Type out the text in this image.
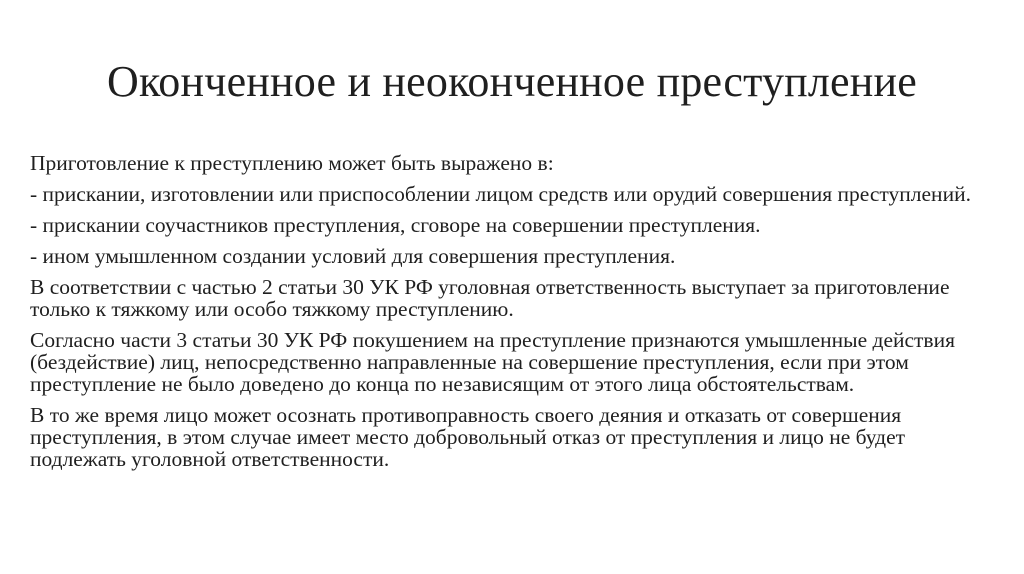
Оконченное и неоконченное преступление

Приготовление к преступлению может быть выражено в:

- прискании, изготовлении или приспособлении лицом средств или орудий совершения преступлений.

- прискании соучастников преступления, сговоре на совершении преступления.

- ином умышленном создании условий для совершения преступления.

В соответствии с частью 2 статьи 30 УК РФ уголовная ответственность выступает за приготовление только к тяжкому или особо тяжкому преступлению.

Согласно части 3 статьи 30 УК РФ покушением на преступление признаются умышленные действия (бездействие) лиц, непосредственно направленные на совершение преступления, если при этом преступление не было доведено до конца по независящим от этого лица обстоятельствам.

В то же время лицо может осознать противоправность своего деяния и отказать от совершения преступления, в этом случае имеет место добровольный отказ от преступления и лицо не будет подлежать уголовной ответственности.
